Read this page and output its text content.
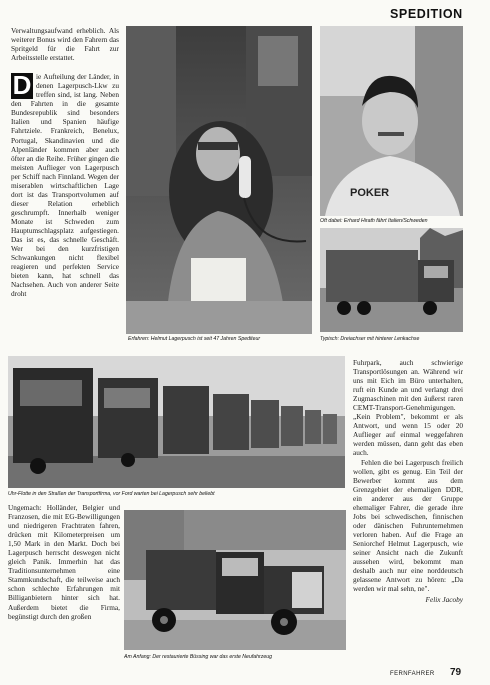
SPEDITION

Verwaltungsaufwand erheblich. Als weiterer Bonus wird den Fahrern das Spritgeld für die Fahrt zur Arbeitsstelle erstattet.

D ie Aufteilung der Länder, in denen Lagerpusch-Lkw zu treffen sind, ist lang. Neben den Fahrten in die gesamte Bundesrepublik sind besonders Italien und Spanien häufige Fahrtziele. Frankreich, Benelux, Portugal, Skandinavien und die Alpenländer kommen aber auch öfter an die Reihe. Früher gingen die meisten Auflieger von Lagerpusch per Schiff nach Finnland. Wegen der miserablen wirtschaftlichen Lage dort ist das Transportvolumen auf dieser Relation erheblich geschrumpft. Innerhalb weniger Monate ist Schweden zum Hauptumschlagsplatz aufgestiegen. Das ist es, das schnelle Geschäft. Wer bei den kurzfristigen Schwankungen nicht flexibel reagieren und perfekten Service bieten kann, hat schnell das Nachsehen. Auch von anderer Seite droht

Erfahren: Helmut Lagerpusch ist seit 47 Jahren Spediteur
POKER
Oft dabei: Erhard Hirath fährt Italien/Schweden
Typisch: Dreiachser mit hinterer Lenkachse
Uhr-Flotte in den Straßen der Transportfirma, vor Ford warten bei Lagerpusch sehr beliebt

Fuhrpark, auch schwierige Transportlösungen an. Während wir uns mit Eich im Büro unterhalten, ruft ein Kunde an und verlangt drei Zugmaschinen mit den äußerst raren CEMT-Transport-Genehmigungen. „Kein Problem", bekommt er als Antwort, und wenn 15 oder 20 Auflieger auf einmal weggefahren werden müssen, dann geht das eben auch.

Fehlen die bei Lagerpusch freilich wollen, gibt es genug. Ein Teil der Bewerber kommt aus dem Grenzgebiet der ehemaligen DDR, ein anderer aus der Gruppe ehemaliger Fahrer, die gerade ihre Jobs bei schwedischen, finnischen oder dänischen Fuhrunternehmen verloren haben. Auf die Frage an Seniorchef Helmut Lagerpusch, wie seiner Ansicht nach die Zukunft aussehen wird, bekommt man deshalb auch nur eine norddeutsch gelassene Antwort zu hören: „Da werden wir mal sehn, ne".

Felix Jacoby

Ungemach: Holländer, Belgier und Franzosen, die mit EG-Bewilligungen und niedrigeren Frachtraten fahren, drücken mit Kilometerpreisen um 1,50 Mark in den Markt. Doch bei Lagerpusch herrscht deswegen nicht gleich Panik. Immerhin hat das Traditionsunternehmen eine Stammkundschaft, die teilweise auch schon schlechte Erfahrungen mit Billiganbietern hinter sich hat. Außerdem bietet die Firma, begünstigt durch den großen

Am Anfang: Der restaurierte Büssing war das erste Neufahrzeug
FERNFAHRER 79
